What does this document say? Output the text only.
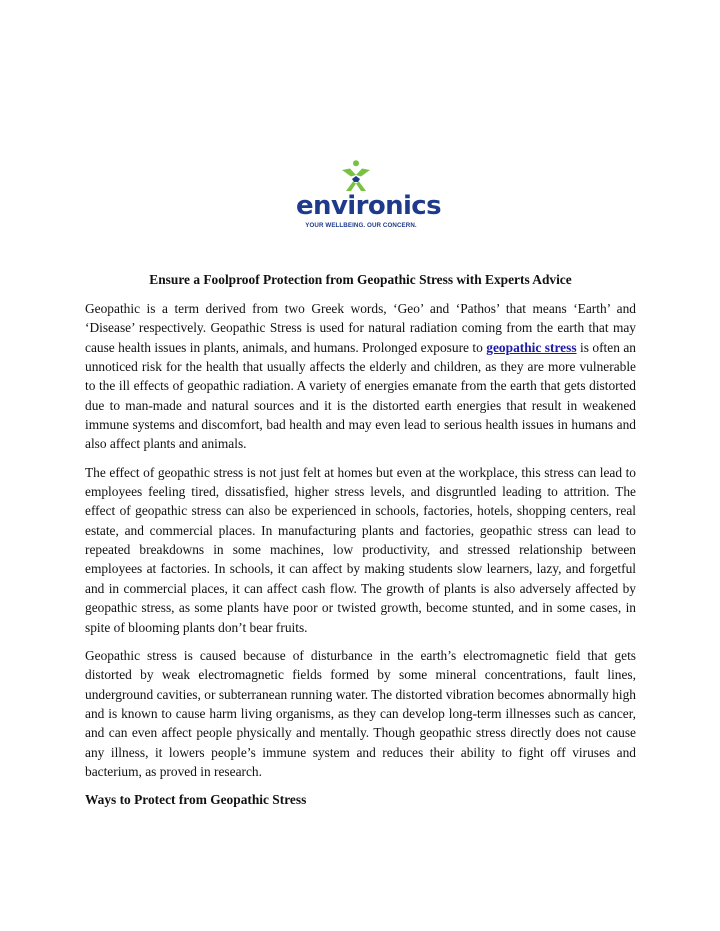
environics
YOUR WELLBEING. OUR CONCERN.
Ensure a Foolproof Protection from Geopathic Stress with Experts Advice

Geopathic is a term derived from two Greek words, ‘Geo’ and ‘Pathos’ that means ‘Earth’ and ‘Disease’ respectively. Geopathic Stress is used for natural radiation coming from the earth that may cause health issues in plants, animals, and humans. Prolonged exposure to geopathic stress is often an unnoticed risk for the health that usually affects the elderly and children, as they are more vulnerable to the ill effects of geopathic radiation. A variety of energies emanate from the earth that gets distorted due to man-made and natural sources and it is the distorted earth energies that result in weakened immune systems and discomfort, bad health and may even lead to serious health issues in humans and also affect plants and animals.

The effect of geopathic stress is not just felt at homes but even at the workplace, this stress can lead to employees feeling tired, dissatisfied, higher stress levels, and disgruntled leading to attrition. The effect of geopathic stress can also be experienced in schools, factories, hotels, shopping centers, real estate, and commercial places. In manufacturing plants and factories, geopathic stress can lead to repeated breakdowns in some machines, low productivity, and stressed relationship between employees at factories. In schools, it can affect by making students slow learners, lazy, and forgetful and in commercial places, it can affect cash flow. The growth of plants is also adversely affected by geopathic stress, as some plants have poor or twisted growth, become stunted, and in some cases, in spite of blooming plants don’t bear fruits.

Geopathic stress is caused because of disturbance in the earth’s electromagnetic field that gets distorted by weak electromagnetic fields formed by some mineral concentrations, fault lines, underground cavities, or subterranean running water. The distorted vibration becomes abnormally high and is known to cause harm living organisms, as they can develop long-term illnesses such as cancer, and can even affect people physically and mentally. Though geopathic stress directly does not cause any illness, it lowers people’s immune system and reduces their ability to fight off viruses and bacterium, as proved in research.

Ways to Protect from Geopathic Stress
